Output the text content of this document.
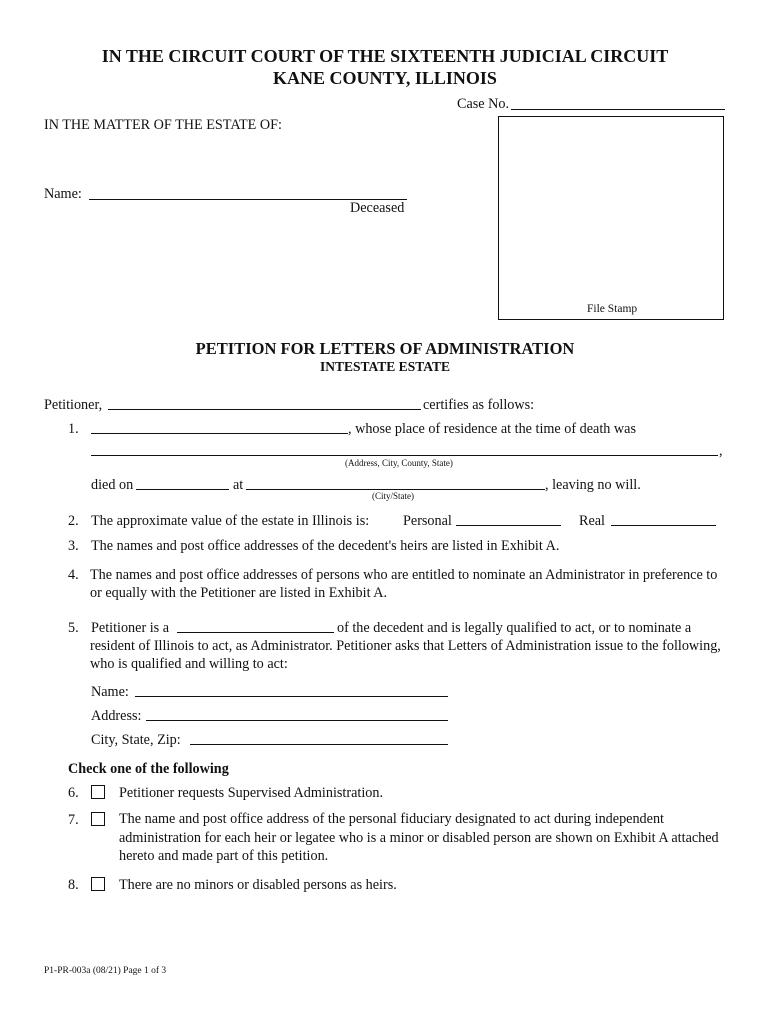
IN THE CIRCUIT COURT OF THE SIXTEENTH JUDICIAL CIRCUIT
KANE COUNTY, ILLINOIS
Case No.
IN THE MATTER OF THE ESTATE OF:
File Stamp
Name:
Deceased
PETITION FOR LETTERS OF ADMINISTRATION
INTESTATE ESTATE
Petitioner,	certifies as follows:
1.	, whose place of residence at the time of death was
,
(Address, City, County, State)
died on	at	, leaving no will.
(City/State)
2. The approximate value of the estate in Illinois is: Personal	Real
3. The names and post office addresses of the decedent's heirs are listed in Exhibit A.
4. The names and post office addresses of persons who are entitled to nominate an Administrator in preference to or equally with the Petitioner are listed in Exhibit A.
5. Petitioner is a	of the decedent and is legally qualified to act, or to nominate a
resident of Illinois to act, as Administrator. Petitioner asks that Letters of Administration issue to the following, who is qualified and willing to act:
Name:
Address:
City, State, Zip:
Check one of the following
6.	Petitioner requests Supervised Administration.
7.	The name and post office address of the personal fiduciary designated to act during independent administration for each heir or legatee who is a minor or disabled person are shown on Exhibit A attached hereto and made part of this petition.
8.	There are no minors or disabled persons as heirs.
P1-PR-003a (08/21) Page 1 of 3
